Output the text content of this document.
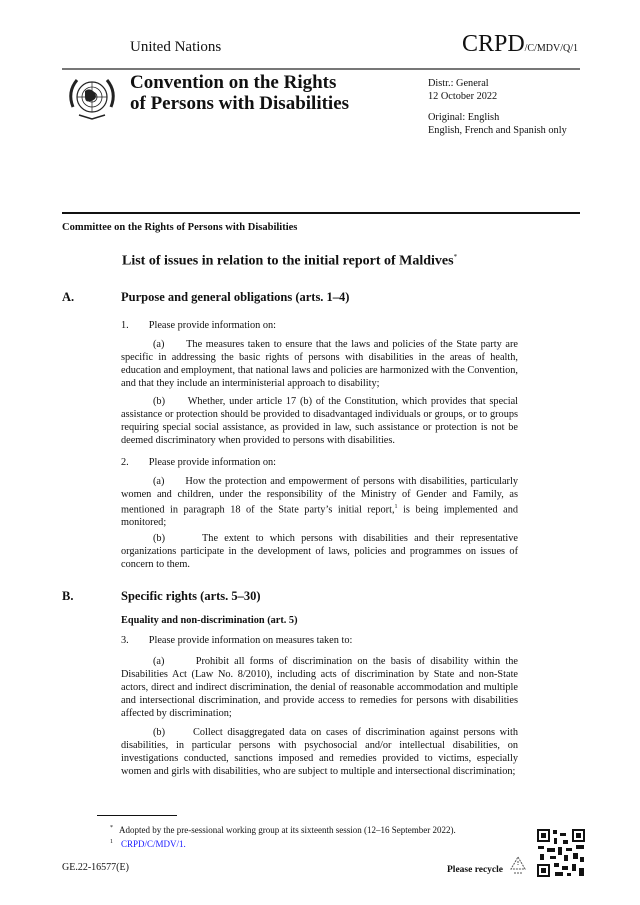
United Nations	CRPD/C/MDV/Q/1
Convention on the Rights
of Persons with Disabilities
Distr.: General
12 October 2022
Original: English
English, French and Spanish only
Committee on the Rights of Persons with Disabilities
List of issues in relation to the initial report of Maldives*
A.	Purpose and general obligations (arts. 1–4)
1. Please provide information on:
(a)      The measures taken to ensure that the laws and policies of the State party are specific in addressing the basic rights of persons with disabilities in the areas of health, education and employment, that national laws and policies are harmonized with the Convention, and that they include an interministerial approach to disability;
(b)      Whether, under article 17 (b) of the Constitution, which provides that special assistance or protection should be provided to disadvantaged individuals or groups, or to groups requiring special social assistance, as provided in law, such assistance or protection is not be deemed discriminatory when provided to persons with disabilities.
2. Please provide information on:
(a)      How the protection and empowerment of persons with disabilities, particularly women and children, under the responsibility of the Ministry of Gender and Family, as mentioned in paragraph 18 of the State party’s initial report,$^1$ is being implemented and monitored;
(b)      The extent to which persons with disabilities and their representative organizations participate in the development of laws, policies and programmes on issues of concern to them.
B.	Specific rights (arts. 5–30)
Equality and non-discrimination (art. 5)
3. Please provide information on measures taken to:
(a)      Prohibit all forms of discrimination on the basis of disability within the Disabilities Act (Law No. 8/2010), including acts of discrimination by State and non-State actors, direct and indirect discrimination, the denial of reasonable accommodation and multiple and intersectional discrimination, and provide access to remedies for persons with disabilities affected by discrimination;
(b)      Collect disaggregated data on cases of discrimination against persons with disabilities, in particular persons with psychosocial and/or intellectual disabilities, on investigations conducted, sanctions imposed and remedies provided to victims, especially women and girls with disabilities, who are subject to multiple and intersectional discrimination;
* Adopted by the pre-sessional working group at its sixteenth session (12–16 September 2022).
$^1$ CRPD/C/MDV/1.
GE.22-16577(E)	Please recycle
